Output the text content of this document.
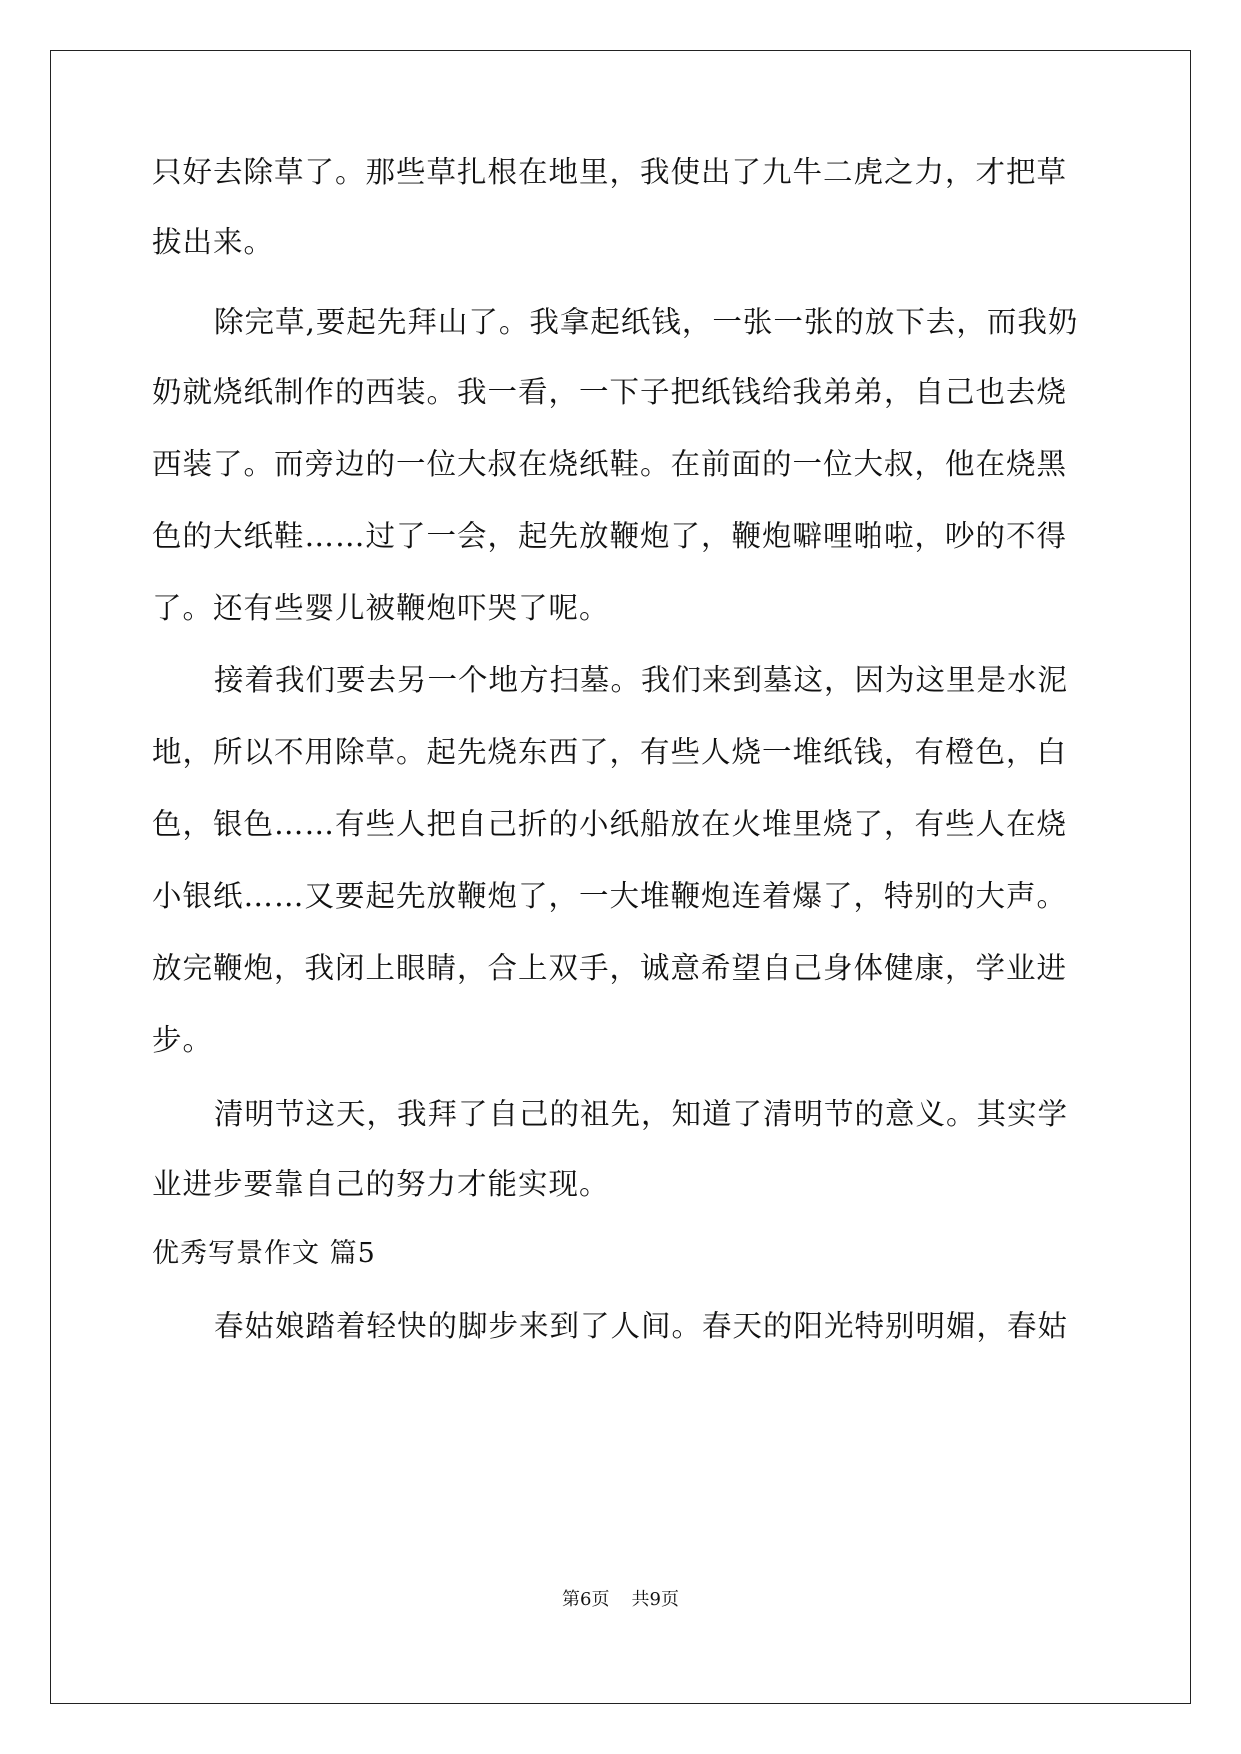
只好去除草了。那些草扎根在地里，我使出了九牛二虎之力，才把草
拔出来。
除完草,要起先拜山了。我拿起纸钱，一张一张的放下去，而我奶
奶就烧纸制作的西装。我一看，一下子把纸钱给我弟弟，自己也去烧
西装了。而旁边的一位大叔在烧纸鞋。在前面的一位大叔，他在烧黑
色的大纸鞋……过了一会，起先放鞭炮了，鞭炮噼哩啪啦，吵的不得
了。还有些婴儿被鞭炮吓哭了呢。
接着我们要去另一个地方扫墓。我们来到墓这，因为这里是水泥
地，所以不用除草。起先烧东西了，有些人烧一堆纸钱，有橙色，白
色，银色……有些人把自己折的小纸船放在火堆里烧了，有些人在烧
小银纸……又要起先放鞭炮了，一大堆鞭炮连着爆了，特别的大声。
放完鞭炮，我闭上眼睛，合上双手，诚意希望自己身体健康，学业进
步。
清明节这天，我拜了自己的祖先，知道了清明节的意义。其实学
业进步要靠自己的努力才能实现。
优秀写景作文 篇5
春姑娘踏着轻快的脚步来到了人间。春天的阳光特别明媚，春姑
第6页 共9页
